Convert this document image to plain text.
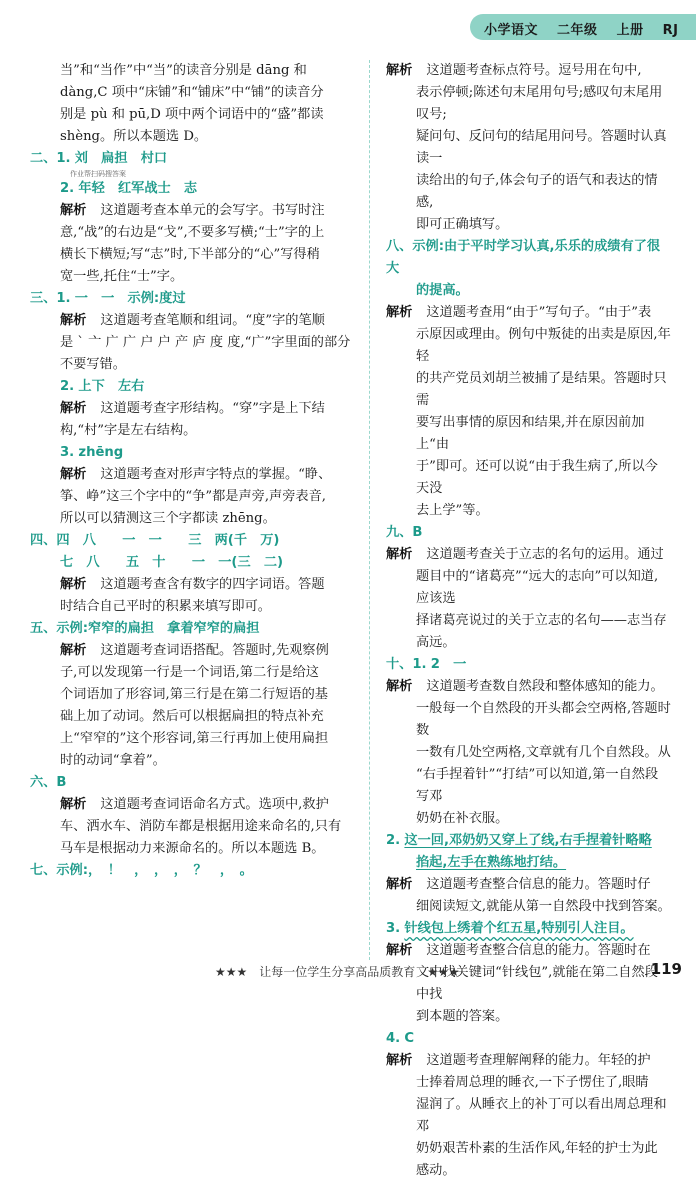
小学语文 二年级 上册 RJ

当”和“当作”中“当”的读音分别是 dāng 和

dàng,C 项中“床铺”和“铺床”中“铺”的读音分

别是 pù 和 pū,D 项中两个词语中的“盛”都读

shèng。所以本题选 D。

二、1. 刘　扁担　村口

作业帮扫码搜答案

2. 年轻　红军战士　志

解析 这道题考查本单元的会写字。书写时注

意,“战”的右边是“戈”,不要多写横;“士”字的上

横长下横短;写“志”时,下半部分的“心”写得稍

宽一些,托住“士”字。

三、1. 一　一　示例:度过

解析 这道题考查笔顺和组词。“度”字的笔顺

是 ˋ 亠 广 广 户 户 产 庐 度 度,“广”字里面的部分

不要写错。

2. 上下　左右

解析 这道题考查字形结构。“穿”字是上下结

构,“村”字是左右结构。

3. zhēng

解析 这道题考查对形声字特点的掌握。“睁、

筝、峥”这三个字中的“争”都是声旁,声旁表音,

所以可以猜测这三个字都读 zhēng。

四、四　八　　一　一　　三　两(千　万)

七　八　　五　十　　一　一(三　二)

解析 这道题考查含有数字的四字词语。答题

时结合自己平时的积累来填写即可。

五、示例:窄窄的扁担　拿着窄窄的扁担

解析 这道题考查词语搭配。答题时,先观察例

子,可以发现第一行是一个词语,第二行是给这

个词语加了形容词,第三行是在第二行短语的基

础上加了动词。然后可以根据扁担的特点补充

上“窄窄的”这个形容词,第三行再加上使用扁担

时的动词“拿着”。

六、B

解析 这道题考查词语命名方式。选项中,救护

车、洒水车、消防车都是根据用途来命名的,只有

马车是根据动力来源命名的。所以本题选 B。

七、示例:，　！　，　，　，　？　，　。

解析 这道题考查标点符号。逗号用在句中,

表示停顿;陈述句末尾用句号;感叹句末尾用叹号;

疑问句、反问句的结尾用问号。答题时认真读一

读给出的句子,体会句子的语气和表达的情感,

即可正确填写。

八、示例:由于平时学习认真,乐乐的成绩有了很大

的提高。

解析 这道题考查用“由于”写句子。“由于”表

示原因或理由。例句中叛徒的出卖是原因,年轻

的共产党员刘胡兰被捕了是结果。答题时只需

要写出事情的原因和结果,并在原因前加上“由

于”即可。还可以说“由于我生病了,所以今天没

去上学”等。

九、B

解析 这道题考查关于立志的名句的运用。通过

题目中的“诸葛亮”“远大的志向”可以知道,应该选

择诸葛亮说过的关于立志的名句——志当存高远。

十、1. 2　一

解析 这道题考查数自然段和整体感知的能力。

一般每一个自然段的开头都会空两格,答题时数

一数有几处空两格,文章就有几个自然段。从

“右手捏着针”“打结”可以知道,第一自然段写邓

奶奶在补衣服。

2. 这一回,邓奶奶又穿上了线,右手捏着针略略

掐起,左手在熟练地打结。

解析 这道题考查整合信息的能力。答题时仔

细阅读短文,就能从第一自然段中找到答案。

3. 针线包上绣着个红五星,特别引人注目。

解析 这道题考查整合信息的能力。答题时在

文中找关键词“针线包”,就能在第二自然段中找

到本题的答案。

4. C

解析 这道题考查理解阐释的能力。年轻的护

士捧着周总理的睡衣,一下子愣住了,眼睛

湿润了。从睡衣上的补丁可以看出周总理和邓

奶奶艰苦朴素的生活作风,年轻的护士为此

感动。

★★★　让每一位学生分享高品质教育　★★★	119
